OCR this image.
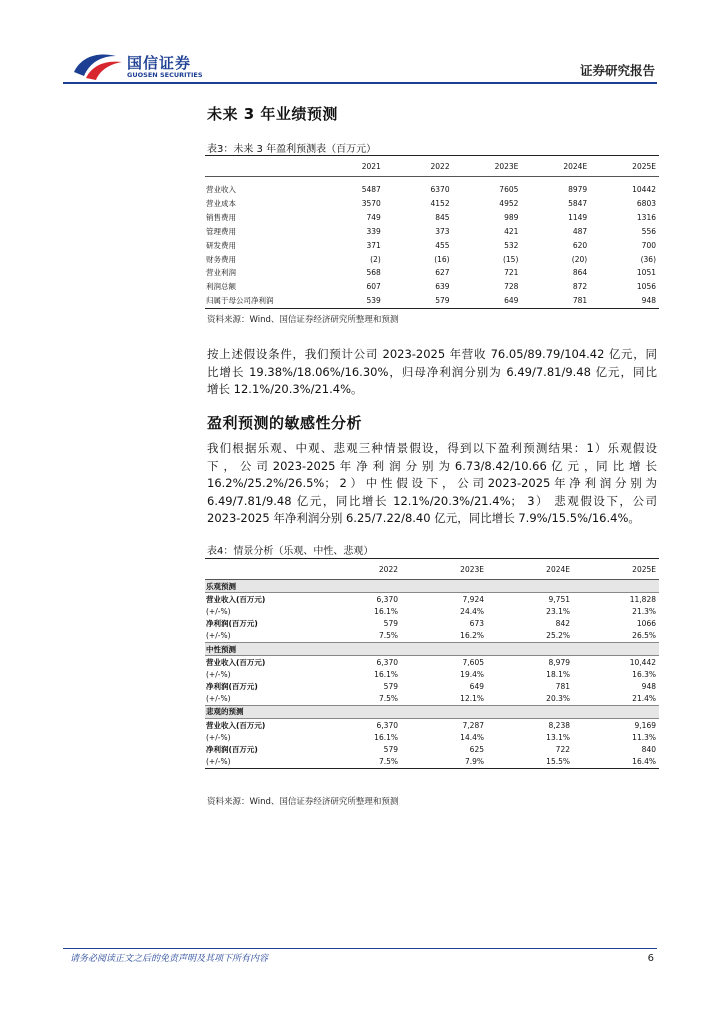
国信证券
GUOSEN SECURITIES	证券研究报告
未来 3 年业绩预测
表3：未来 3 年盈利预测表（百万元）
	2021	2022	2023E	2024E	2025E

营业收入	5487	6370	7605	8979	10442
营业成本	3570	4152	4952	5847	6803
销售费用	749	845	989	1149	1316
管理费用	339	373	421	487	556
研发费用	371	455	532	620	700
财务费用	(2)	(16)	(15)	(20)	(36)
营业利润	568	627	721	864	1051
利润总额	607	639	728	872	1056
归属于母公司净利润	539	579	649	781	948
资料来源：Wind、国信证券经济研究所整理和预测
按上述假设条件，我们预计公司 2023-2025 年营收 76.05/89.79/104.42 亿元，同
比增长 19.38%/18.06%/16.30%，归母净利润分别为 6.49/7.81/9.48 亿元，同比
增长 12.1%/20.3%/21.4%。
盈利预测的敏感性分析
我们根据乐观、中观、悲观三种情景假设，得到以下盈利预测结果：1）乐观假设
下 ， 公 司 2023-2025 年 净 利 润 分 别 为 6.73/8.42/10.66 亿 元 ，同 比 增 长
16.2%/25.2%/26.5%； 2 ） 中 性 假 设 下 ， 公 司 2023-2025 年 净 利 润 分 别 为
6.49/7.81/9.48 亿元，同比增长 12.1%/20.3%/21.4%； 3） 悲观假设下，公司
2023-2025 年净利润分别 6.25/7.22/8.40 亿元，同比增长 7.9%/15.5%/16.4%。
表4：情景分析（乐观、中性、悲观）
	2022	2023E	2024E	2025E
乐观预测				
营业收入(百万元)	6,370	7,924	9,751	11,828
(+/-%)	16.1%	24.4%	23.1%	21.3%
净利润(百万元)	579	673	842	1066
(+/-%)	7.5%	16.2%	25.2%	26.5%
中性预测				
营业收入(百万元)	6,370	7,605	8,979	10,442
(+/-%)	16.1%	19.4%	18.1%	16.3%
净利润(百万元)	579	649	781	948
(+/-%)	7.5%	12.1%	20.3%	21.4%
悲观的预测				
营业收入(百万元)	6,370	7,287	8,238	9,169
(+/-%)	16.1%	14.4%	13.1%	11.3%
净利润(百万元)	579	625	722	840
(+/-%)	7.5%	7.9%	15.5%	16.4%
资料来源：Wind、国信证券经济研究所整理和预测
请务必阅读正文之后的免责声明及其项下所有内容	6
